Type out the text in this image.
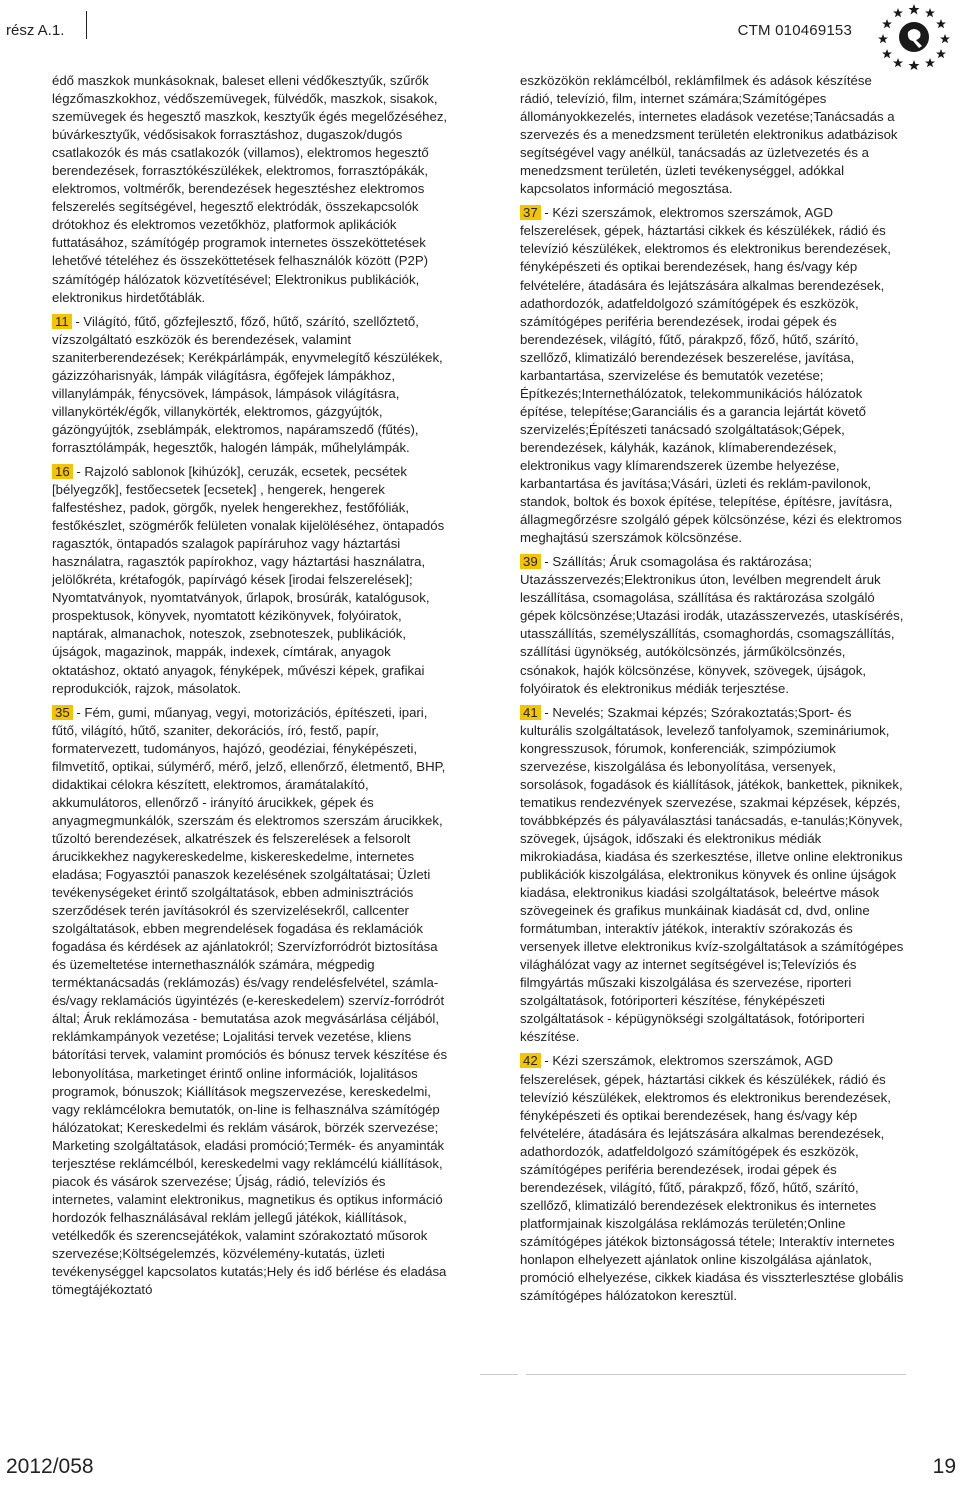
rész A.1.	CTM 010469153

édő maszkok munkásoknak, baleset elleni védőkesztyűk, szűrők légzőmaszkokhoz, védőszemüvegek, fülvédők, maszkok, sisakok, szemüvegek és hegesztő maszkok, kesztyűk égés megelőzéséhez, búvárkesztyűk, védősisakok forrasztáshoz, dugaszok/dugós csatlakozók és más csatlakozók (villamos), elektromos hegesztő berendezések, forrasztókészülékek, elektromos, forrasztópákák, elektromos, voltmérők, berendezések hegesztéshez elektromos felszerelés segítségével, hegesztő elektródák, összekapcsolók drótokhoz és elektromos vezetőkhöz, platformok aplikációk futtatásához, számítógép programok internetes összeköttetések lehetővé tételéhez és összeköttetések felhasználók között (P2P) számítógép hálózatok közvetítésével; Elektronikus publikációk, elektronikus hirdetőtáblák.

11 - Világító, fűtő, gőzfejlesztő, főző, hűtő, szárító, szellőztető, vízszolgáltató eszközök és berendezések, valamint szaniterberendezések; Kerékpárlámpák, enyvmelegítő készülékek, gázizzóharisnyák, lámpák világításra, égőfejek lámpákhoz, villanylámpák, fénycsövek, lámpások, lámpások világításra, villanykörték/égők, villanykörték, elektromos, gázgyújtók, gázöngyújtók, zseblámpák, elektromos, napáramszedő (fűtés), forrasztólámpák, hegesztők, halogén lámpák, műhelylámpák.

16 - Rajzoló sablonok [kihúzók], ceruzák, ecsetek, pecsétek [bélyegzők], festőecsetek [ecsetek] , hengerek, hengerek falfestéshez, padok, görgők, nyelek hengerekhez, festőfóliák, festőkészlet, szögmérők felületen vonalak kijelöléséhez, öntapadós ragasztók, öntapadós szalagok papíráruhoz vagy háztartási használatra, ragasztók papírokhoz, vagy háztartási használatra, jelölőkréta, krétafogók, papírvágó kések [irodai felszerelések]; Nyomtatványok, nyomtatványok, űrlapok, brosúrák, katalógusok, prospektusok, könyvek, nyomtatott kézikönyvek, folyóiratok, naptárak, almanachok, noteszok, zsebnoteszek, publikációk, újságok, magazinok, mappák, indexek, címtárak, anyagok oktatáshoz, oktató anyagok, fényképek, művészi képek, grafikai reprodukciók, rajzok, másolatok.

35 - Fém, gumi, műanyag, vegyi, motorizációs, építészeti, ipari, fűtő, világító, hűtő, szaniter, dekorációs, író, festő, papír, formatervezett, tudományos, hajózó, geodéziai, fényképészeti, filmvetítő, optikai, súlymérő, mérő, jelző, ellenőrző, életmentő, BHP, didaktikai célokra készített, elektromos, áramátalakító, akkumulátoros, ellenőrző - irányító árucikkek, gépek és anyagmegmunkálók, szerszám és elektromos szerszám árucikkek, tűzoltó berendezések, alkatrészek és felszerelések a felsorolt árucikkekhez nagykereskedelme, kiskereskedelme, internetes eladása; Fogyasztói panaszok kezelésének szolgáltatásai; Üzleti tevékenységeket érintő szolgáltatások, ebben adminisztrációs szerződések terén javításokról és szervizelésekről, callcenter szolgáltatások, ebben megrendelések fogadása és reklamációk fogadása és kérdések az ajánlatokról; Szervízforródrót biztosítása és üzemeltetése internethasználók számára, mégpedig terméktanácsadás (reklámozás) és/vagy rendelésfelvétel, számla- és/vagy reklamációs ügyintézés (e-kereskedelem) szervíz-forródrót által; Áruk reklámozása - bemutatása azok megvásárlása céljából, reklámkampányok vezetése; Lojalitási tervek vezetése, kliens bátorítási tervek, valamint promóciós és bónusz tervek készítése és lebonyolítása, marketinget érintő online információk, lojalitásos programok, bónuszok; Kiállítások megszervezése, kereskedelmi, vagy reklámcélokra bemutatók, on-line is felhasználva számítógép hálózatokat; Kereskedelmi és reklám vásárok, börzék szervezése; Marketing szolgáltatások, eladási promóció;Termék- és anyaminták terjesztése reklámcélból, kereskedelmi vagy reklámcélú kiállítások, piacok és vásárok szervezése; Újság, rádió, televíziós és internetes, valamint elektronikus, magnetikus és optikus információ hordozók felhasználásával reklám jellegű játékok, kiállítások, vetélkedők és szerencsejátékok, valamint szórakoztató műsorok szervezése;Költségelemzés, közvélemény-kutatás, üzleti tevékenységgel kapcsolatos kutatás;Hely és idő bérlése és eladása tömegtájékoztató

eszközökön reklámcélból, reklámfilmek és adások készítése rádió, televízió, film, internet számára;Számítógépes állományokkezelés, internetes eladások vezetése;Tanácsadás a szervezés és a menedzsment területén elektronikus adatbázisok segítségével vagy anélkül, tanácsadás az üzletvezetés és a menedzsment területén, üzleti tevékenységgel, adókkal kapcsolatos információ megosztása.

37 - Kézi szerszámok, elektromos szerszámok, AGD felszerelések, gépek, háztartási cikkek és készülékek, rádió és televízió készülékek, elektromos és elektronikus berendezések, fényképészeti és optikai berendezések, hang és/vagy kép felvételére, átadására és lejátszására alkalmas berendezések, adathordozók, adatfeldolgozó számítógépek és eszközök, számítógépes periféria berendezések, irodai gépek és berendezések, világító, fűtő, párakpző, főző, hűtő, szárító, szellőző, klimatizáló berendezések beszerelése, javítása, karbantartása, szervizelése és bemutatók vezetése; Építkezés;Internethálózatok, telekommunikációs hálózatok építése, telepítése;Garanciális és a garancia lejártát követő szervizelés;Építészeti tanácsadó szolgáltatások;Gépek, berendezések, kályhák, kazánok, klímaberendezések, elektronikus vagy klímarendszerek üzembe helyezése, karbantartása és javítása;Vásári, üzleti és reklám-pavilonok, standok, boltok és boxok építése, telepítése, építésre, javításra, állagmegőrzésre szolgáló gépek kölcsönzése, kézi és elektromos meghajtású szerszámok kölcsönzése.

39 - Szállítás; Áruk csomagolása és raktározása; Utazásszervezés;Elektronikus úton, levélben megrendelt áruk leszállítása, csomagolása, szállítása és raktározása szolgáló gépek kölcsönzése;Utazási irodák, utazásszervezés, utaskísérés, utasszállítás, személyszállítás, csomaghordás, csomagszállítás, szállítási ügynökség, autókölcsönzés, járműkölcsönzés, csónakok, hajók kölcsönzése, könyvek, szövegek, újságok, folyóiratok és elektronikus médiák terjesztése.

41 - Nevelés; Szakmai képzés; Szórakoztatás;Sport- és kulturális szolgáltatások, levelező tanfolyamok, szemináriumok, kongresszusok, fórumok, konferenciák, szimpóziumok szervezése, kiszolgálása és lebonyolítása, versenyek, sorsolások, fogadások és kiállítások, játékok, bankettek, piknikek, tematikus rendezvények szervezése, szakmai képzések, képzés, továbbképzés és pályaválasztási tanácsadás, e-tanulás;Könyvek, szövegek, újságok, időszaki és elektronikus médiák mikrokiadása, kiadása és szerkesztése, illetve online elektronikus publikációk kiszolgálása, elektronikus könyvek és online újságok kiadása, elektronikus kiadási szolgáltatások, beleértve mások szövegeinek és grafikus munkáinak kiadását cd, dvd, online formátumban, interaktív játékok, interaktív szórakozás és versenyek illetve elektronikus kvíz-szolgáltatások a számítógépes világhálózat vagy az internet segítségével is;Televíziós és filmgyártás műszaki kiszolgálása és szervezése, riporteri szolgáltatások, fotóriporteri készítése, fényképészeti szolgáltatások - képügynökségi szolgáltatások, fotóriporteri készítése.

42 - Kézi szerszámok, elektromos szerszámok, AGD felszerelések, gépek, háztartási cikkek és készülékek, rádió és televízió készülékek, elektromos és elektronikus berendezések, fényképészeti és optikai berendezések, hang és/vagy kép felvételére, átadására és lejátszására alkalmas berendezések, adathordozók, adatfeldolgozó számítógépek és eszközök, számítógépes periféria berendezések, irodai gépek és berendezések, világító, fűtő, párakpző, főző, hűtő, szárító, szellőző, klimatizáló berendezések elektronikus és internetes platformjainak kiszolgálása reklámozás területén;Online számítógépes játékok biztonságossá tétele; Interaktív internetes honlapon elhelyezett ajánlatok online kiszolgálása ajánlatok, promóció elhelyezése, cikkek kiadása és visszterlesztése globális számítógépes hálózatokon keresztül.

2012/058	19
